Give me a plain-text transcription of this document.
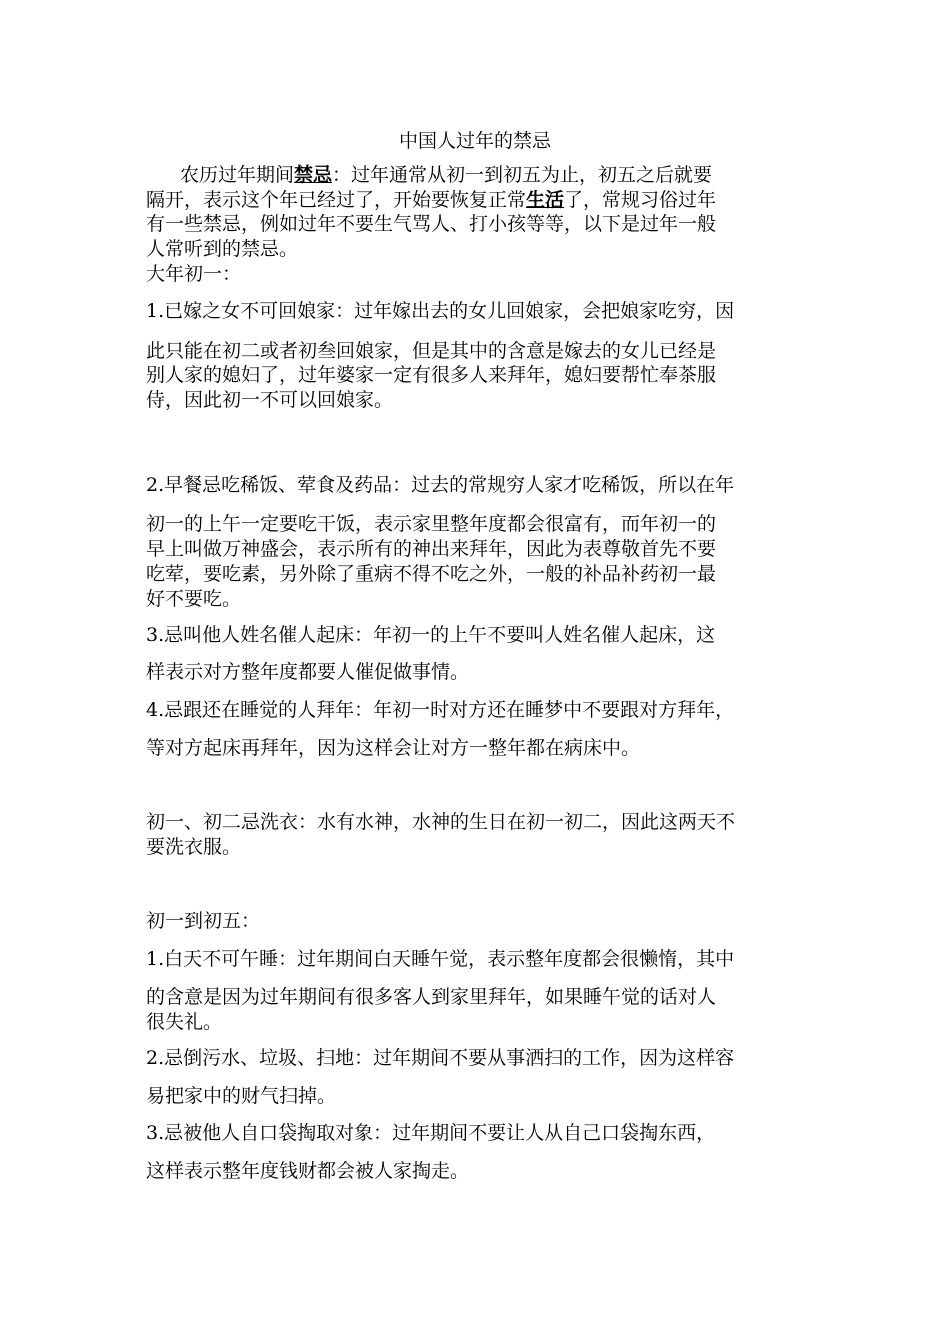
中国人过年的禁忌
农历过年期间禁忌：过年通常从初一到初五为止，初五之后就要
隔开，表示这个年已经过了，开始要恢复正常生活了，常规习俗过年
有一些禁忌，例如过年不要生气骂人、打小孩等等，以下是过年一般
人常听到的禁忌。
大年初一：
1.已嫁之女不可回娘家：过年嫁出去的女儿回娘家，会把娘家吃穷，因
此只能在初二或者初叁回娘家，但是其中的含意是嫁去的女儿已经是
别人家的媳妇了，过年婆家一定有很多人来拜年，媳妇要帮忙奉茶服
侍，因此初一不可以回娘家。
2.早餐忌吃稀饭、荤食及药品：过去的常规穷人家才吃稀饭，所以在年
初一的上午一定要吃干饭，表示家里整年度都会很富有，而年初一的
早上叫做万神盛会，表示所有的神出来拜年，因此为表尊敬首先不要
吃荤，要吃素，另外除了重病不得不吃之外，一般的补品补药初一最
好不要吃。
3.忌叫他人姓名催人起床：年初一的上午不要叫人姓名催人起床，这
样表示对方整年度都要人催促做事情。
4.忌跟还在睡觉的人拜年：年初一时对方还在睡梦中不要跟对方拜年，
等对方起床再拜年，因为这样会让对方一整年都在病床中。
初一、初二忌洗衣：水有水神，水神的生日在初一初二，因此这两天不
要洗衣服。
初一到初五：
1.白天不可午睡：过年期间白天睡午觉，表示整年度都会很懒惰，其中
的含意是因为过年期间有很多客人到家里拜年，如果睡午觉的话对人
很失礼。
2.忌倒污水、垃圾、扫地：过年期间不要从事洒扫的工作，因为这样容
易把家中的财气扫掉。
3.忌被他人自口袋掏取对象：过年期间不要让人从自己口袋掏东西，
这样表示整年度钱财都会被人家掏走。
